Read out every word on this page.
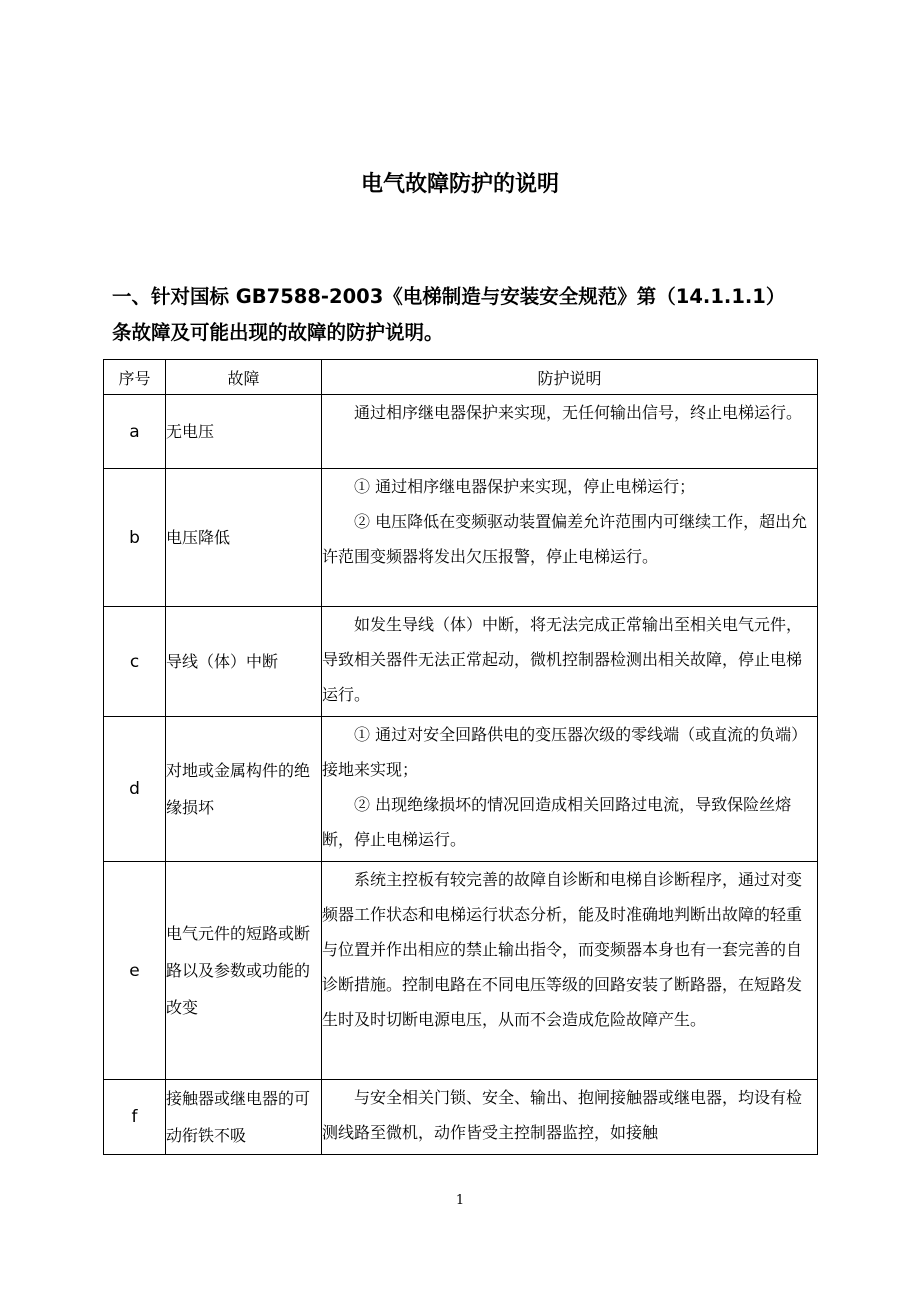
电气故障防护的说明
一、针对国标 GB7588-2003《电梯制造与安装安全规范》第（14.1.1.1）
条故障及可能出现的故障的防护说明。
序号	故障	防护说明
a	无电压	通过相序继电器保护来实现，无任何输出信号，终止电梯运行。

b	电压降低	① 通过相序继电器保护来实现，停止电梯运行；

② 电压降低在变频驱动装置偏差允许范围内可继续工作，超出允许范围变频器将发出欠压报警，停止电梯运行。

c	导线（体）中断	如发生导线（体）中断，将无法完成正常输出至相关电气元件，导致相关器件无法正常起动，微机控制器检测出相关故障，停止电梯运行。

d	对地或金属构件的绝缘损坏	① 通过对安全回路供电的变压器次级的零线端（或直流的负端）接地来实现；

② 出现绝缘损坏的情况回造成相关回路过电流，导致保险丝熔断，停止电梯运行。

e	电气元件的短路或断路以及参数或功能的改变	系统主控板有较完善的故障自诊断和电梯自诊断程序，通过对变频器工作状态和电梯运行状态分析，能及时准确地判断出故障的轻重与位置并作出相应的禁止输出指令，而变频器本身也有一套完善的自诊断措施。控制电路在不同电压等级的回路安装了断路器，在短路发生时及时切断电源电压，从而不会造成危险故障产生。

f	接触器或继电器的可动衔铁不吸	与安全相关门锁、安全、输出、抱闸接触器或继电器，均设有检测线路至微机，动作皆受主控制器监控，如接触

1
